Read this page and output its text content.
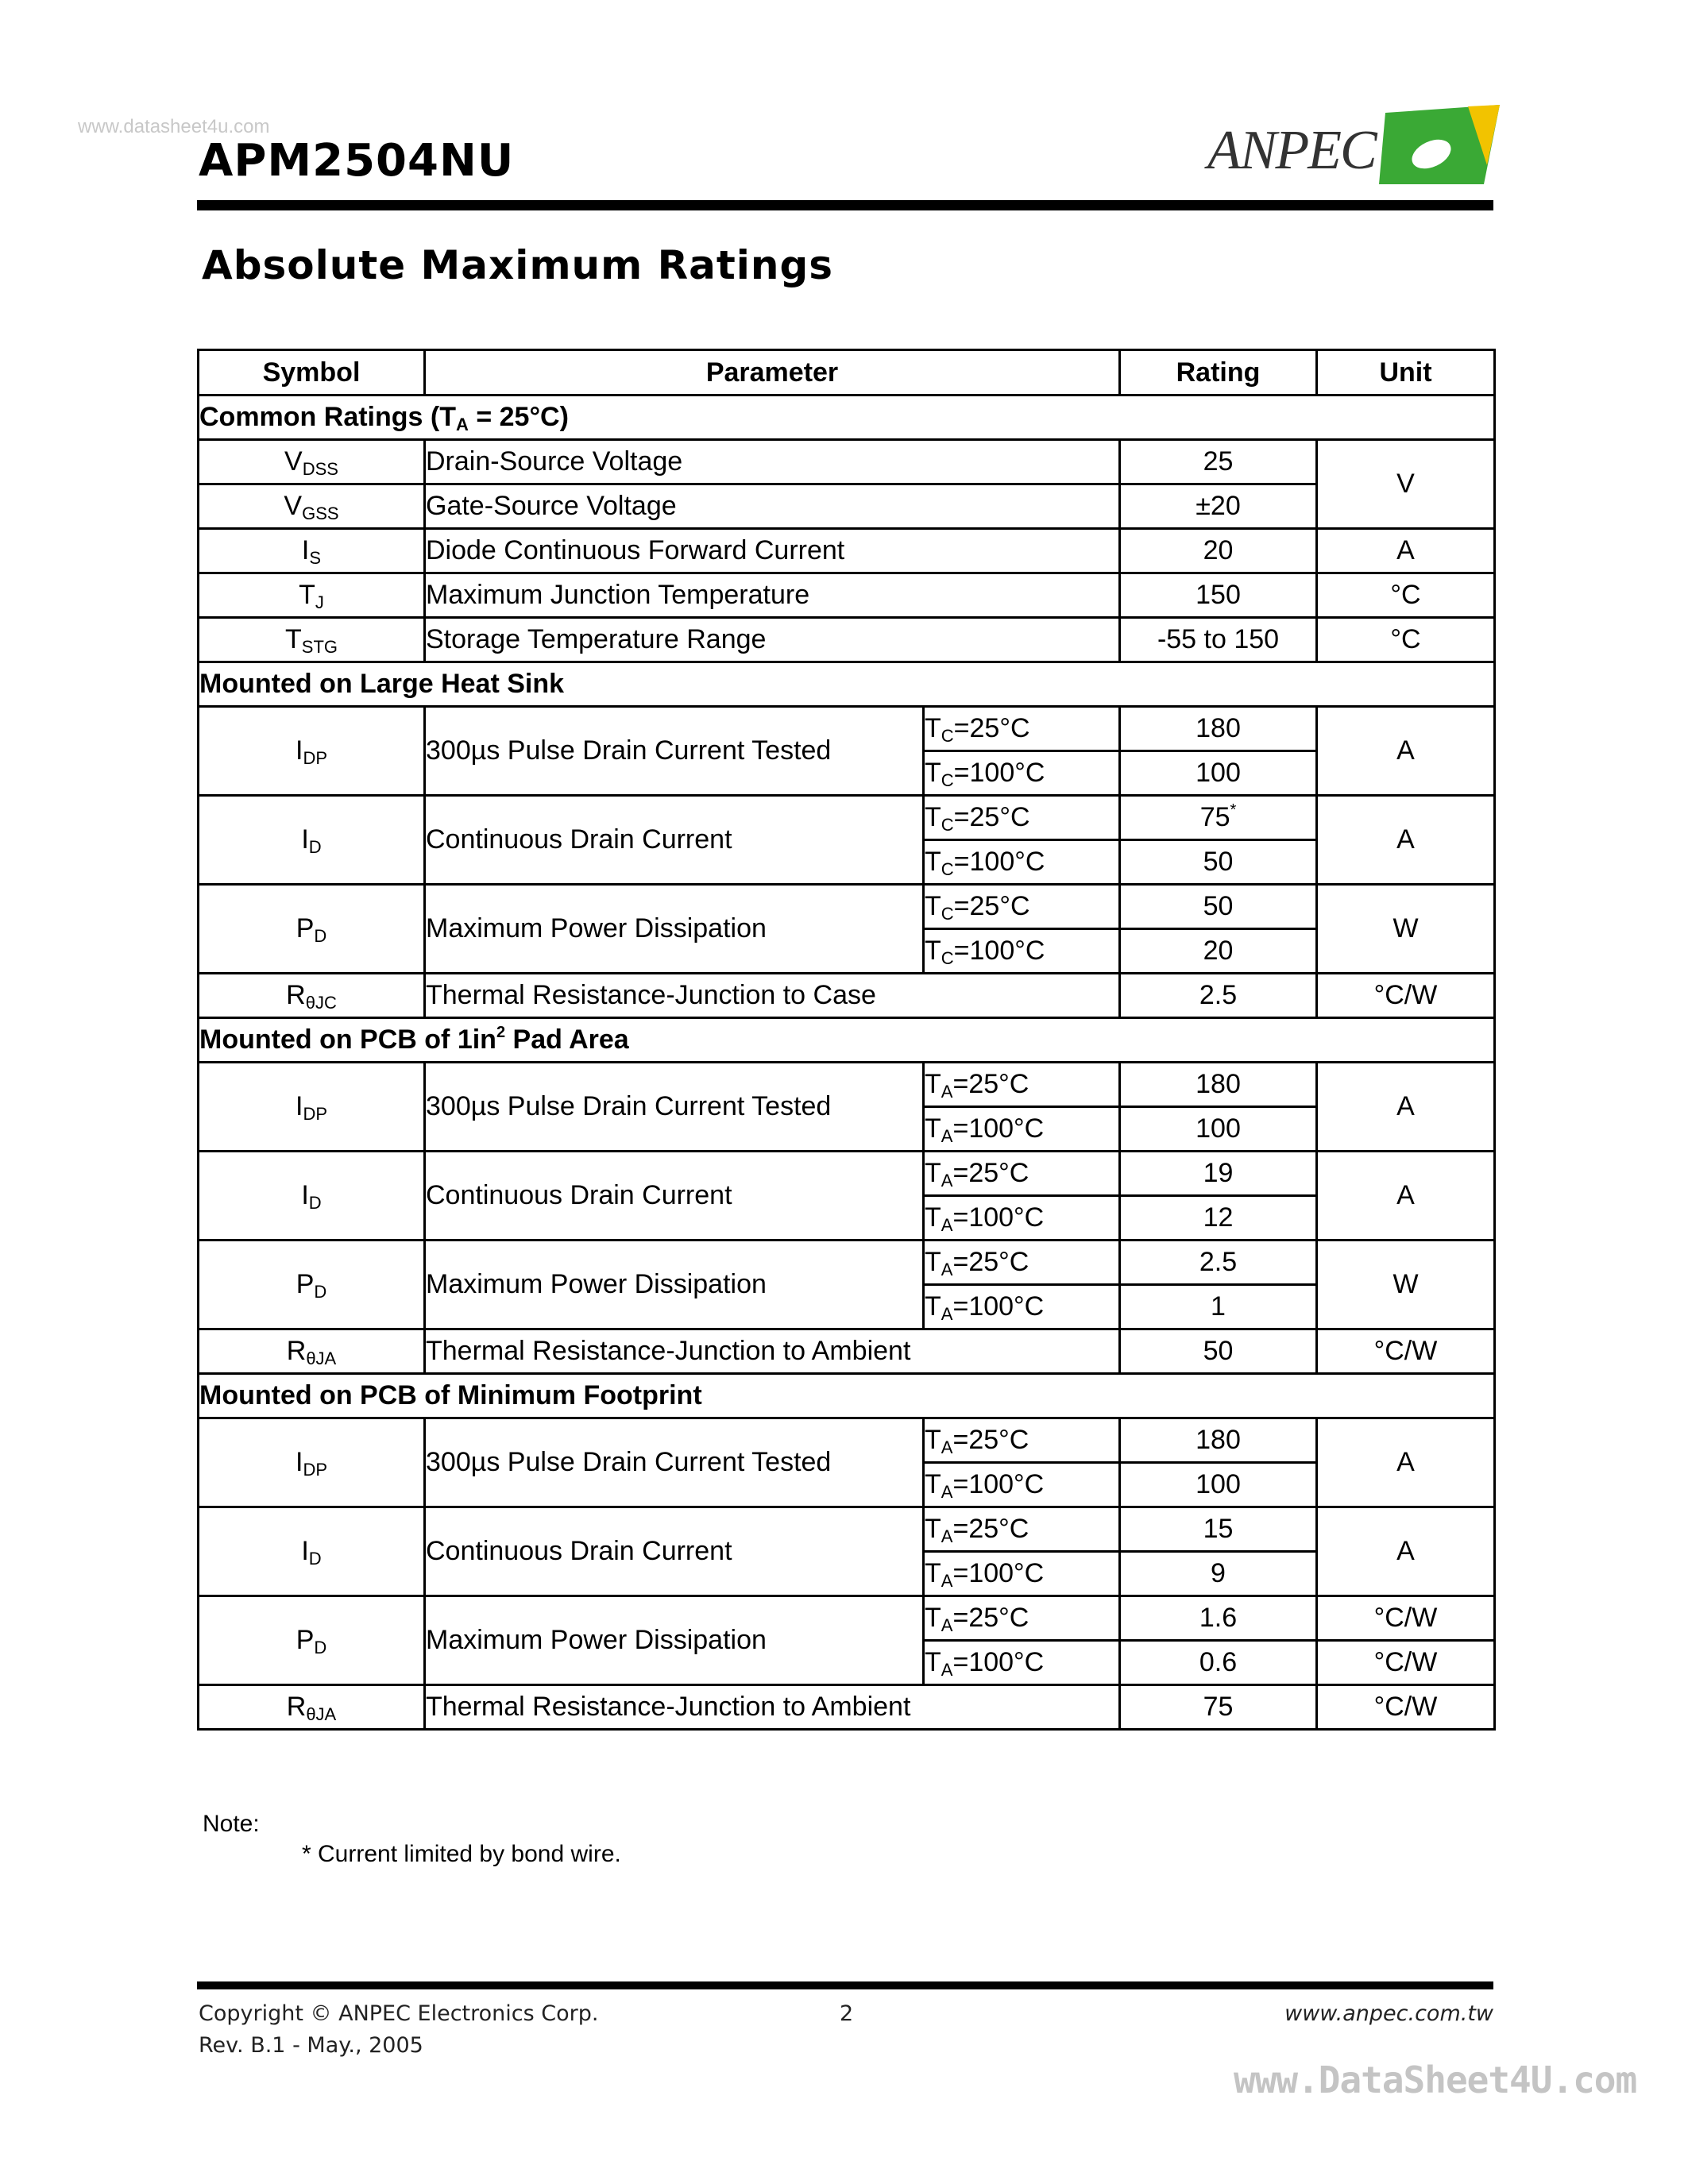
www.datasheet4u.com
APM2504NU	ANPEC
Absolute Maximum Ratings
Symbol	Parameter		Rating	Unit
Common Ratings $(T_A = 25^\circ C)$				
$V_{DSS}$	Drain-Source Voltage		25	V
$V_{GSS}$	Gate-Source Voltage		±20	
$I_S$	Diode Continuous Forward Current		20	A
$T_J$	Maximum Junction Temperature		150	°C
$T_{STG}$	Storage Temperature Range		-55 to 150	°C
Mounted on Large Heat Sink				
$I_{DP}$	300µs Pulse Drain Current Tested	$T_C=25^\circ C$	180	A
		$T_C=100^\circ C$	100	
$I_D$	Continuous Drain Current	$T_C=25^\circ C$	75*	A
		$T_C=100^\circ C$	50	
$P_D$	Maximum Power Dissipation	$T_C=25^\circ C$	50	W
		$T_C=100^\circ C$	20	
$R_{\theta JC}$	Thermal Resistance-Junction to Case		2.5	°C/W
Mounted on PCB of $1in^2$ Pad Area				
$I_{DP}$	300µs Pulse Drain Current Tested	$T_A=25^\circ C$	180	A
		$T_A=100^\circ C$	100	
$I_D$	Continuous Drain Current	$T_A=25^\circ C$	19	A
		$T_A=100^\circ C$	12	
$P_D$	Maximum Power Dissipation	$T_A=25^\circ C$	2.5	W
		$T_A=100^\circ C$	1	
$R_{\theta JA}$	Thermal Resistance-Junction to Ambient		50	°C/W
Mounted on PCB of Minimum Footprint				
$I_{DP}$	300µs Pulse Drain Current Tested	$T_A=25^\circ C$	180	A
		$T_A=100^\circ C$	100	
$I_D$	Continuous Drain Current	$T_A=25^\circ C$	15	A
		$T_A=100^\circ C$	9	
$P_D$	Maximum Power Dissipation	$T_A=25^\circ C$	1.6	°C/W
		$T_A=100^\circ C$	0.6	°C/W
$R_{\theta JA}$	Thermal Resistance-Junction to Ambient		75	°C/W
Note:
* Current limited by bond wire.
Copyright © ANPEC Electronics Corp.	2	www.anpec.com.tw
Rev. B.1 - May., 2005
www.DataSheet4U.com
